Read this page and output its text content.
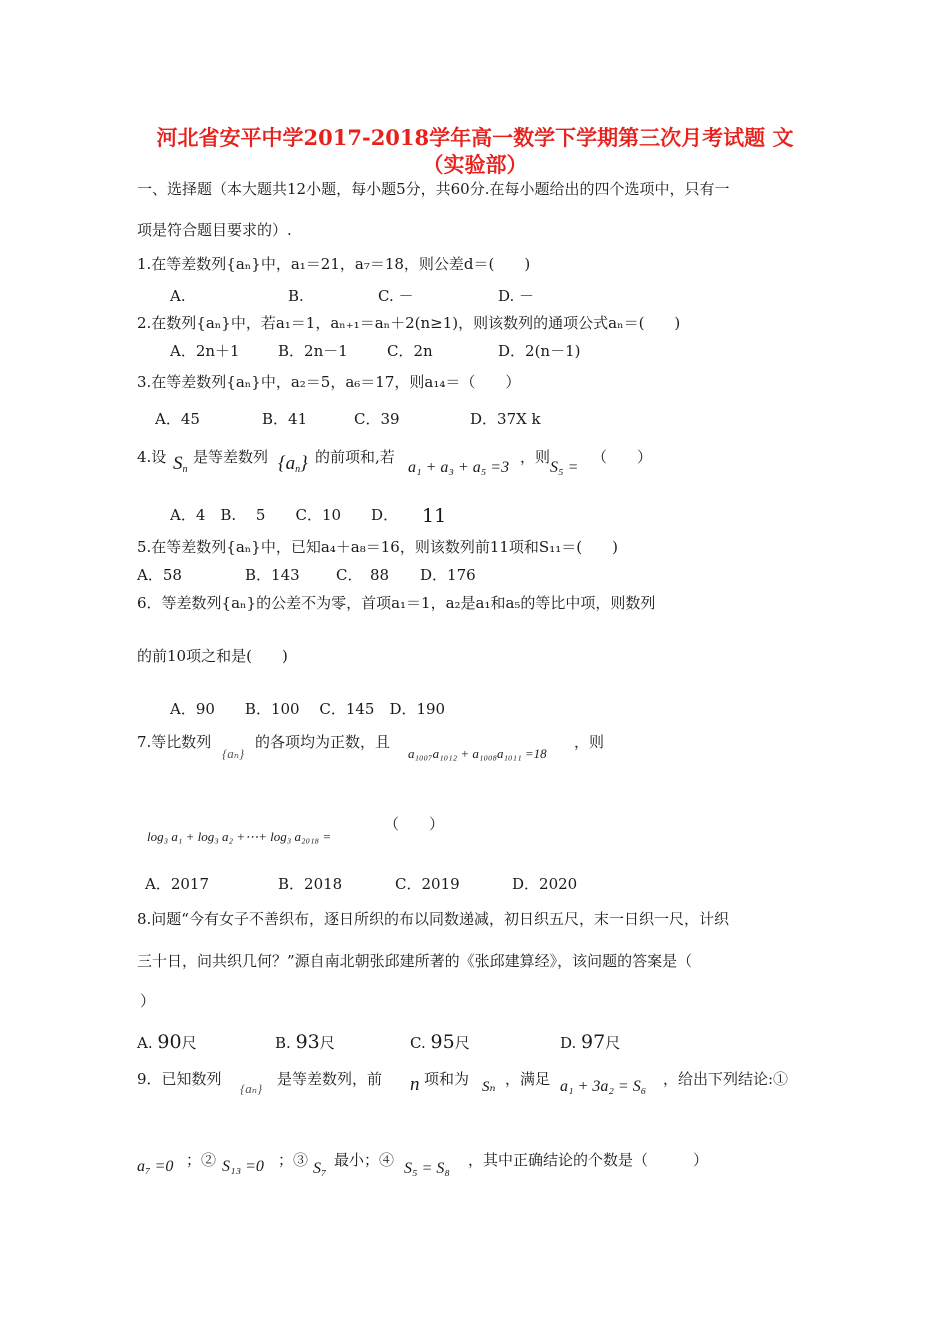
河北省安平中学2017-2018学年高一数学下学期第三次月考试题 文
（实验部）
一、选择题（本大题共12小题，每小题5分，共60分.在每小题给出的四个选项中，只有一
项是符合题目要求的）.
1.在等差数列{aₙ}中，a₁＝21，a₇＝18，则公差d＝(　　)
A.	B.	C. －	D. －
2.在数列{aₙ}中，若a₁＝1，aₙ₊₁＝aₙ＋2(n≥1)，则该数列的通项公式aₙ＝(　　)
A．2n＋1	B．2n－1	C．2n	D．2(n－1)
3.在等差数列{aₙ}中，a₂＝5，a₆＝17，则a₁₄＝（　　）
A．45	B．41	C．39	D．37X k
4.设 $S_n$
是等差数列 $\{a_n\}$ 的前项和,若
a₁ + a₃ + a₅ =3
，则
S₅ =
（　　）
A．4　B.　 5　　C．10　　D． 11
5.在等差数列{aₙ}中，已知a₄＋a₈＝16，则该数列前11项和S₁₁＝(　　)
A．58	B．143 C．　88 D．176
6．等差数列{aₙ}的公差不为零，首项a₁＝1，a₂是a₁和a₅的等比中项，则数列
的前10项之和是(　　)
A．90　　B．100　 C．145　D．190
7.等比数列
{aₙ}
的各项均为正数，且
a₁₀₀₇a₁₀₁₂ + a₁₀₀₈a₁₀₁₁ =18
，则
log₃ a₁ + log₃ a₂ +⋯+ log₃ a₂₀₁₈ =
（　　）
A．2017	B．2018	C．2019	D．2020
8.问题“今有女子不善织布，逐日所织的布以同数递减，初日织五尺，末一日织一尺，计织
三十日，问共织几何？”源自南北朝张邱建所著的《张邱建算经》，该问题的答案是（
）
A. 90尺	B. 93尺	C. 95尺	D. 97尺
9．已知数列
{aₙ}
是等差数列，前 n 项和为 Sₙ ，满足 a₁ + 3a₂ = S₆ ，给出下列结论:①
a₇ =0 ；② S₁₃ =0 ；③ S₇ 最小；④ S₅ = S₈ ，其中正确结论的个数是（　　　）
